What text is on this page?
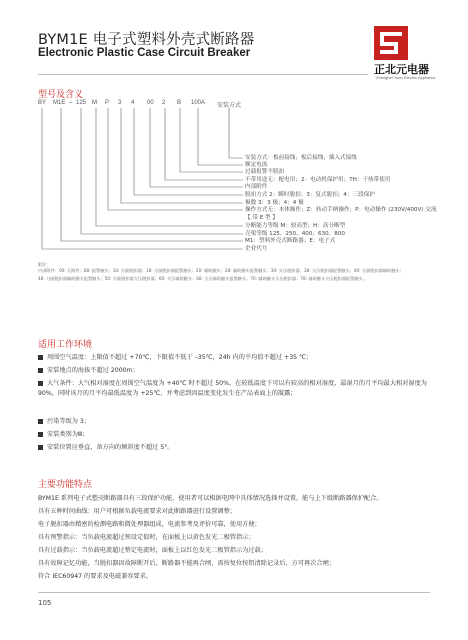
BYM1E 电子式塑料外壳式断路器
Electronic Plastic Case Circuit Breaker
正北元电器
Zhengbei Yuan Electric Appliance
型号及含义
BY M1E – 125 M P 3 4 00 2 B 100A 安装方式
安装方式：板前接线；板后接线；插入式接线
额定电流
过载报警不脱扣
不带用途无：配电用；2：电动机保护用；TH：干热带使用
内部附件
脱扣方式 2：瞬时脱扣；3：复式脱扣；4：三段保护
极数 3：3 极；4：4 极
操作方式无：本体操作；Z：转动手柄操作；P：电动操作 (230V/400V) 交流
【 带 E 型 】
分断能力等级 M：较高型；H：高分断型
壳架等级 125、250、400、630、800
M1：塑料外壳式断路器；E：电子式
企业代号
附注：
内部附件：00: 无附件；08: 报警触头；10: 分励脱扣器；18: 分励脱扣器报警触头；20: 辅助触头；28: 辅助触头报警触头；30: 欠压脱扣器；38: 欠压脱扣器报警触头；40: 分励脱扣器辅助触头；
48: 分励脱扣器辅助触头报警触头；50: 分励脱扣器欠压脱扣器；60: 欠压辅助触头；68: 欠压辅助触头报警触头；70: 辅助触头欠压脱扣器；78: 辅助触头欠压脱扣器报警触头。
适用工作环境
周围空气温度：上限值不超过 +70℃，下限值不低于 –35℃，24h 内的平均值不超过 +35 ℃；
安装地点的海拔不超过 2000m；
大气条件：大气相对湿度在周围空气温度为 +40℃ 时不超过 50%，在较低温度下可以有较高的相对湿度，最湿月的月平均最大相对湿度为 90%，同时该月的月平均最低温度为 +25℃，并考虑到因温度变化发生在产品表面上的凝露；
污染等级为 3；
安装类别为Ⅲ；
安装位置应垂直，备方向的倾斜度不超过 5°。
主要功能特点
BYM1E 系列电子式塑壳断路器具有三段保护功能，使用者可以根据电网中具体情况选择并设置，能与上下级断路器保护配合。
具有五种时间曲线：用户可根据负载电流要求对此断路器进行设置调整；
电子脱扣器由精密的检测电路和微处理器组成，电流参考及评价可靠，使用方便；
具有预警指示：当负载电流超过预设定值时，在面板上以黄色发光二极管指示；
具有过载指示：当负载电流超过整定电流时，面板上以红色发光二极管指示为过载；
具有故障记忆功能，当脱扣器因故障断开后，断路器不能再合闸，需按复位按钮清除记录后，方可再次合闸；
符合 IEC60947 的要求及电磁兼容要求。
105
